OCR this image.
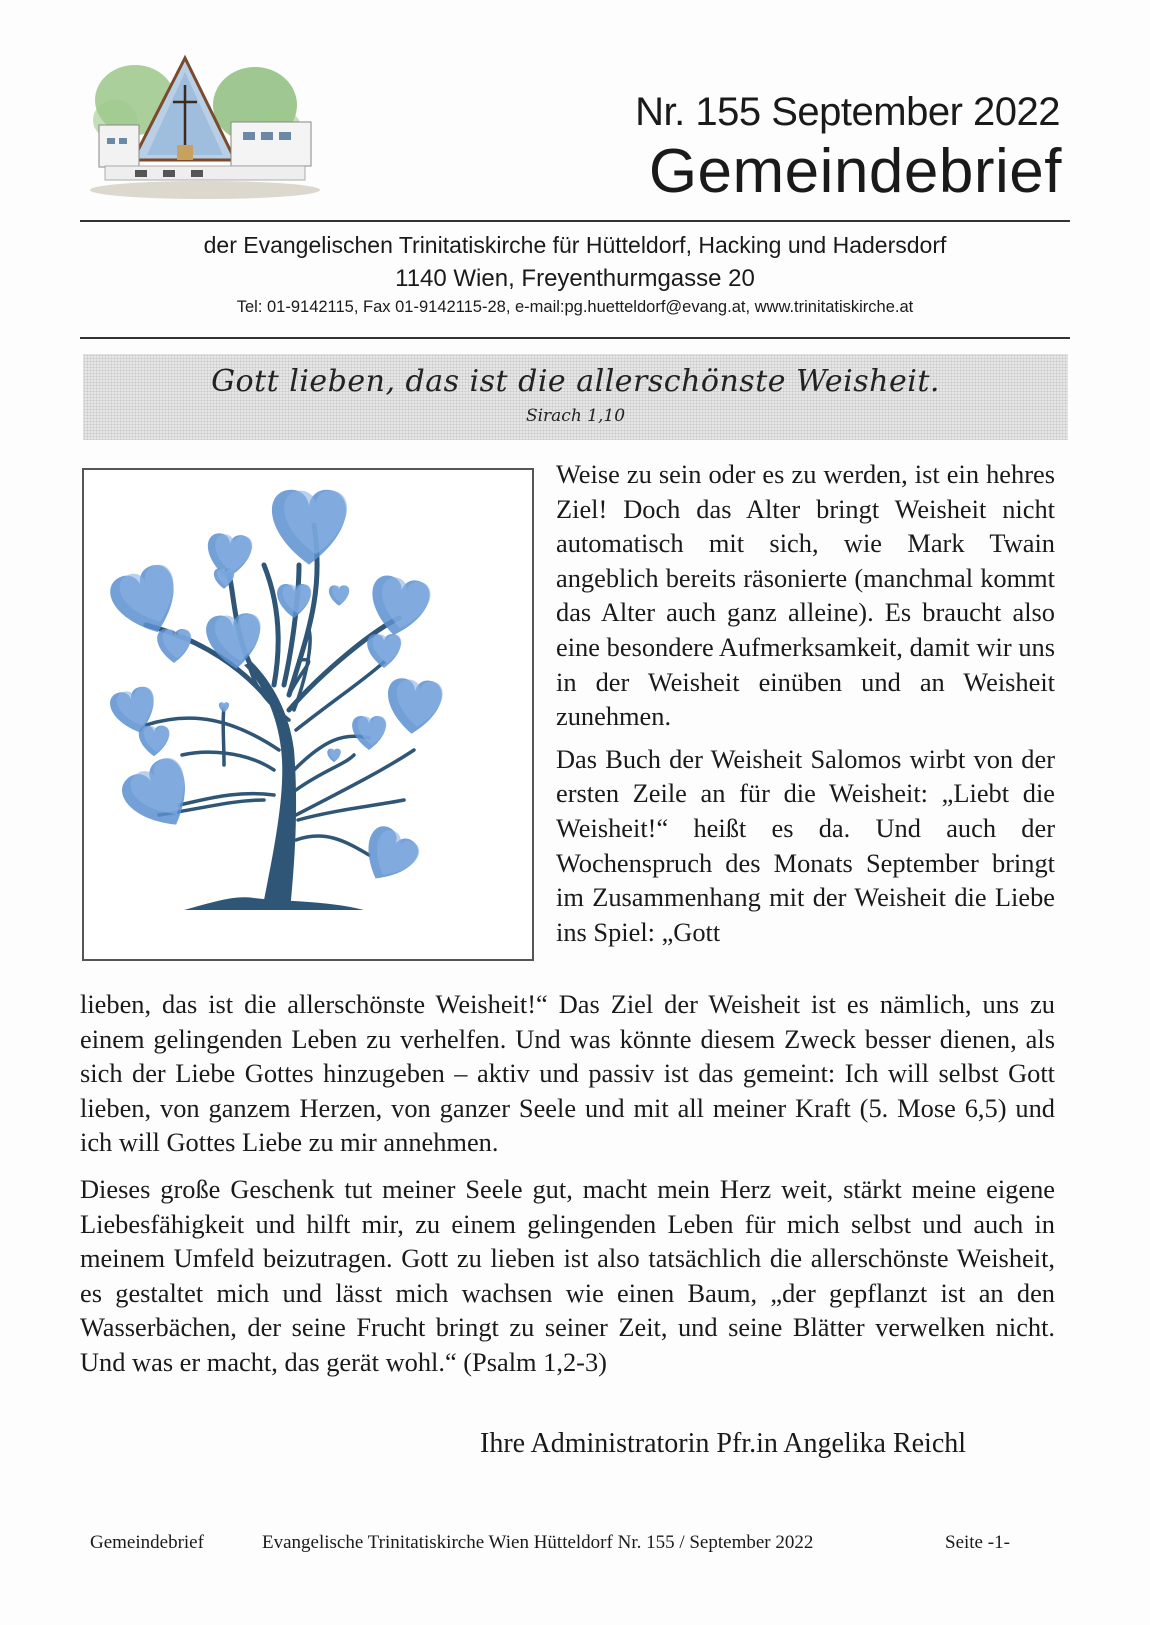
Nr. 155 September 2022
Gemeindebrief
der Evangelischen Trinitatiskirche für Hütteldorf, Hacking und Hadersdorf
1140 Wien, Freyenthurmgasse 20
Tel: 01-9142115, Fax 01-9142115-28, e-mail:pg.huetteldorf@evang.at, www.trinitatiskirche.at
Gott lieben, das ist die allerschönste Weisheit.
Sirach 1,10

Weise zu sein oder es zu werden, ist ein hehres Ziel! Doch das Alter bringt Weisheit nicht automatisch mit sich, wie Mark Twain angeblich bereits räsonierte (manchmal kommt das Alter auch ganz alleine). Es braucht also eine besondere Aufmerksamkeit, damit wir uns in der Weisheit einüben und an Weisheit zunehmen.

Das Buch der Weisheit Salomos wirbt von der ersten Zeile an für die Weisheit: „Liebt die Weisheit!“ heißt es da. Und auch der Wochenspruch des Monats September bringt im Zusammenhang mit der Weisheit die Liebe ins Spiel: „Gott

lieben, das ist die allerschönste Weisheit!“ Das Ziel der Weisheit ist es nämlich, uns zu einem gelingenden Leben zu verhelfen. Und was könnte diesem Zweck besser dienen, als sich der Liebe Gottes hinzugeben – aktiv und passiv ist das gemeint: Ich will selbst Gott lieben, von ganzem Herzen, von ganzer Seele und mit all meiner Kraft (5. Mose 6,5) und ich will Gottes Liebe zu mir annehmen.

Dieses große Geschenk tut meiner Seele gut, macht mein Herz weit, stärkt meine eigene Liebesfähigkeit und hilft mir, zu einem gelingenden Leben für mich selbst und auch in meinem Umfeld beizutragen. Gott zu lieben ist also tatsächlich die allerschönste Weisheit, es gestaltet mich und lässt mich wachsen wie einen Baum, „der gepflanzt ist an den Wasserbächen, der seine Frucht bringt zu seiner Zeit, und seine Blätter verwelken nicht. Und was er macht, das gerät wohl.“ (Psalm 1,2-3)

Ihre Administratorin Pfr.in Angelika Reichl
Gemeindebrief	Evangelische Trinitatiskirche Wien Hütteldorf Nr. 155 / September 2022	Seite -1-
